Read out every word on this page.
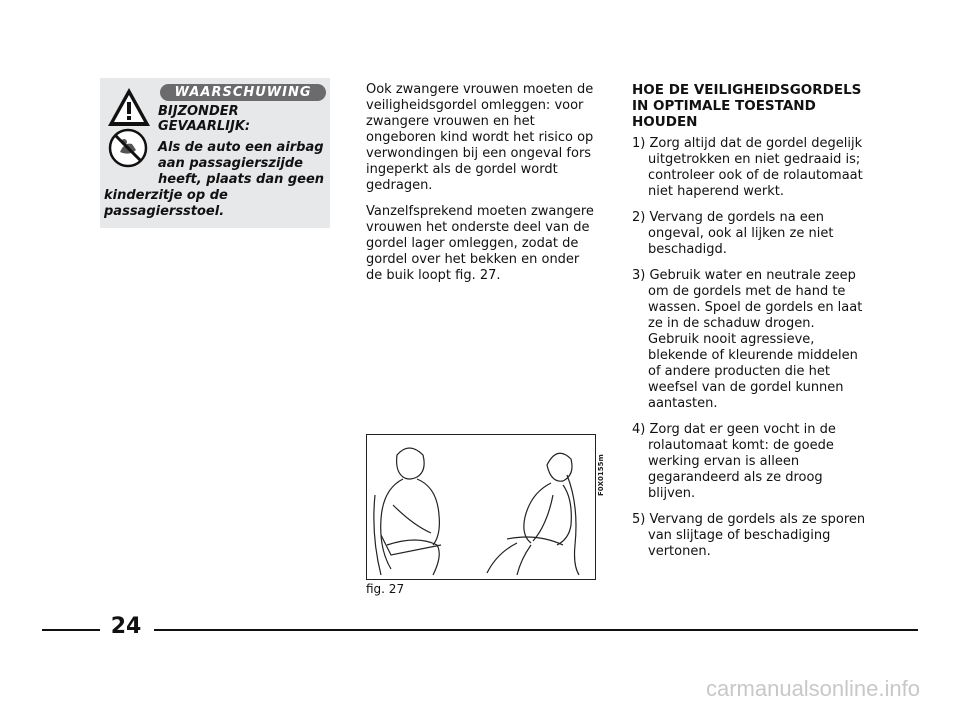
WAARSCHUWING
BIJZONDER
GEVAARLIJK:
Als de auto een airbag
aan passagierszijde
heeft, plaats dan geen
kinderzitje op de
passagiersstoel.

Ook zwangere vrouwen moeten de veiligheidsgordel omleggen: voor zwangere vrouwen en het ongeboren kind wordt het risico op verwondingen bij een ongeval fors ingeperkt als de gordel wordt gedragen.

Vanzelfsprekend moeten zwangere vrouwen het onderste deel van de gordel lager omleggen, zodat de gordel over het bekken en onder de buik loopt fig. 27.

F0X0155m
fig. 27
HOE DE VEILIGHEIDSGORDELS IN OPTIMALE TOESTAND HOUDEN
1) Zorg altijd dat de gordel degelijk uitgetrokken en niet gedraaid is; controleer ook of de rolautomaat niet haperend werkt.
2) Vervang de gordels na een ongeval, ook al lijken ze niet beschadigd.
3) Gebruik water en neutrale zeep om de gordels met de hand te wassen. Spoel de gordels en laat ze in de schaduw drogen. Gebruik nooit agressieve, blekende of kleurende middelen of andere producten die het weefsel van de gordel kunnen aantasten.
4) Zorg dat er geen vocht in de rolautomaat komt: de goede werking ervan is alleen gegarandeerd als ze droog blijven.
5) Vervang de gordels als ze sporen van slijtage of beschadiging vertonen.
24
carmanualsonline.info
